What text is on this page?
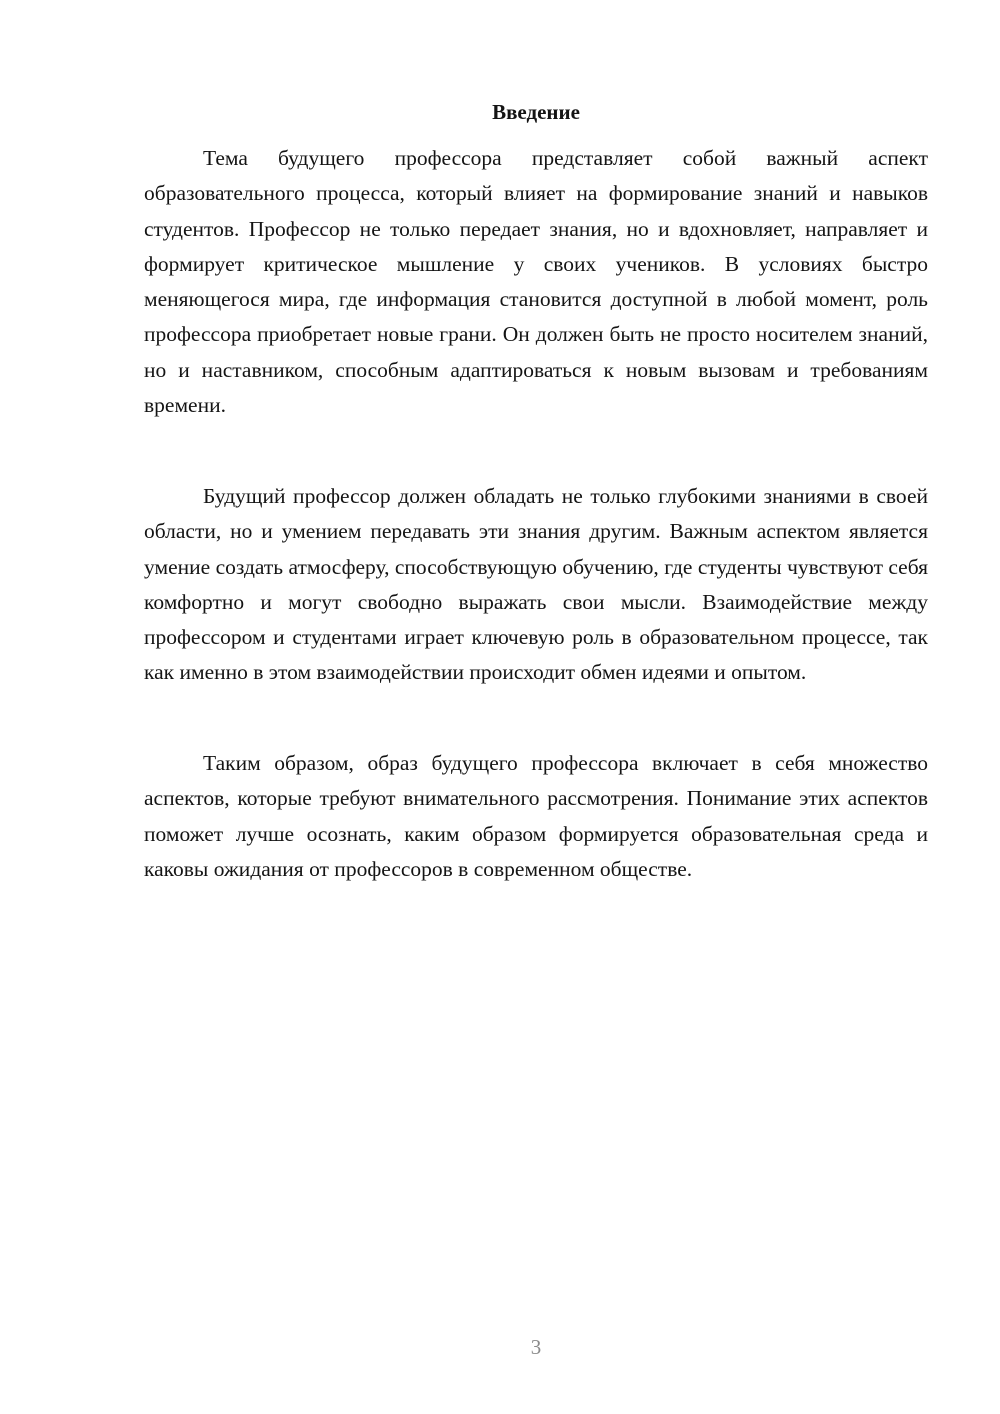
Введение

Тема будущего профессора представляет собой важный аспект образовательного процесса, который влияет на формирование знаний и навыков студентов. Профессор не только передает знания, но и вдохновляет, направляет и формирует критическое мышление у своих учеников. В условиях быстро меняющегося мира, где информация становится доступной в любой момент, роль профессора приобретает новые грани. Он должен быть не просто носителем знаний, но и наставником, способным адаптироваться к новым вызовам и требованиям времени.

Будущий профессор должен обладать не только глубокими знаниями в своей области, но и умением передавать эти знания другим. Важным аспектом является умение создать атмосферу, способствующую обучению, где студенты чувствуют себя комфортно и могут свободно выражать свои мысли. Взаимодействие между профессором и студентами играет ключевую роль в образовательном процессе, так как именно в этом взаимодействии происходит обмен идеями и опытом.

Таким образом, образ будущего профессора включает в себя множество аспектов, которые требуют внимательного рассмотрения. Понимание этих аспектов поможет лучше осознать, каким образом формируется образовательная среда и каковы ожидания от профессоров в современном обществе.

3
